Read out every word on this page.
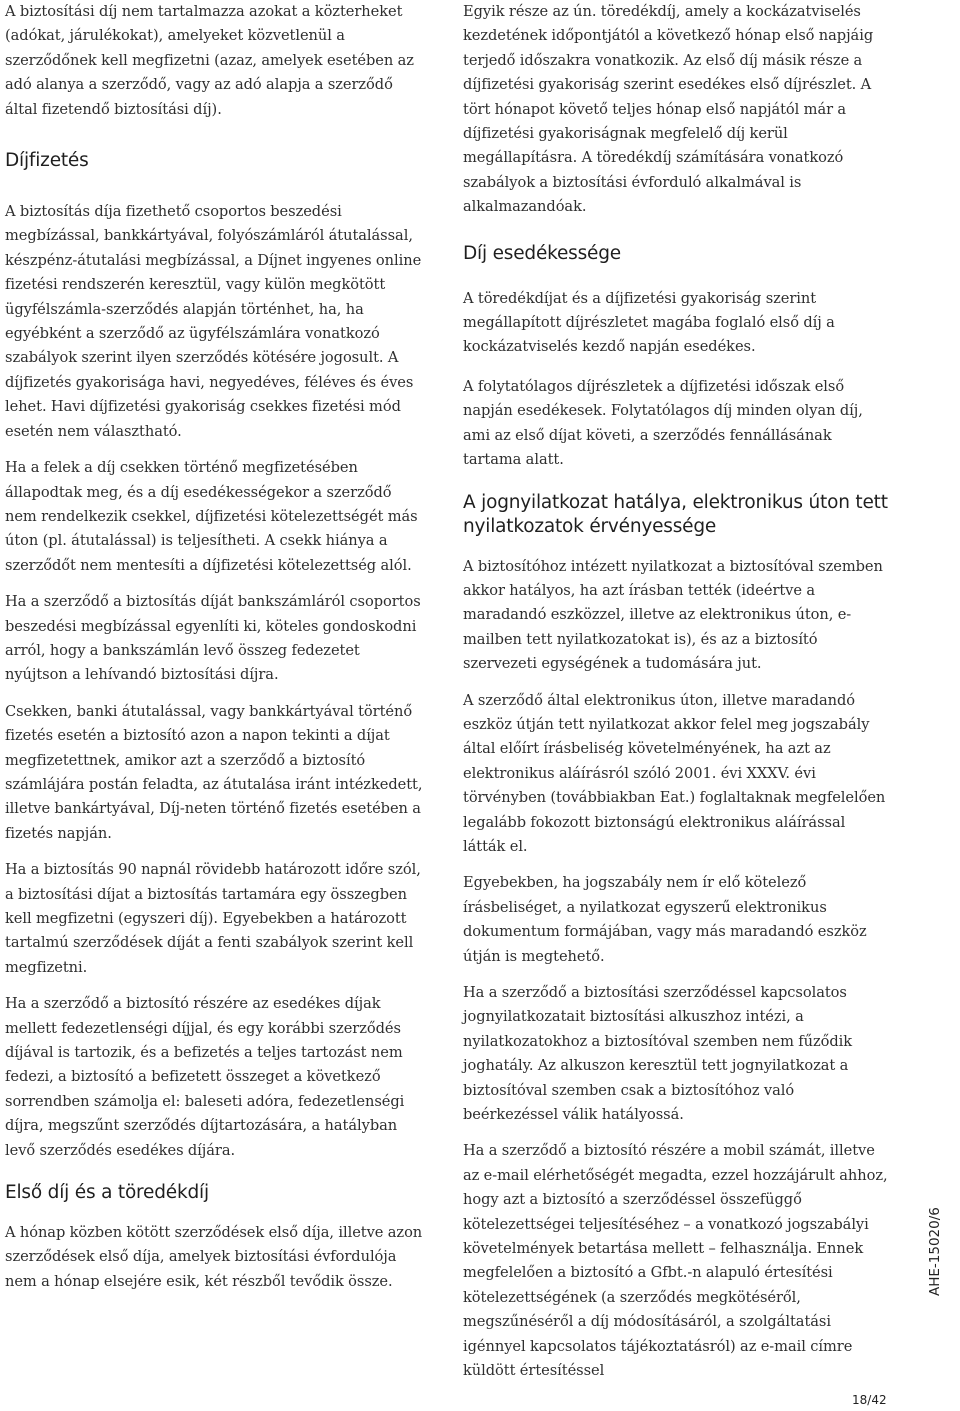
A biztosítási díj nem tartalmazza azokat a közterheket (adókat, járulékokat), amelyeket közvetlenül a szerződőnek kell megfizetni (azaz, amelyek esetében az adó alanya a szerződő, vagy az adó alapja a szerződő által fizetendő biztosítási díj).

Díjfizetés

A biztosítás díja fizethető csoportos beszedési megbízással, bankkártyával, folyószámláról átutalással, készpénz-átutalási megbízással, a Díjnet ingyenes online fizetési rendszerén keresztül, vagy külön megkötött ügyfélszámla-szerződés alapján történhet, ha, ha egyébként a szerződő az ügyfélszámlára vonatkozó szabályok szerint ilyen szerződés kötésére jogosult. A díjfizetés gyakorisága havi, negyedéves, féléves és éves lehet. Havi díjfizetési gyakoriság csekkes fizetési mód esetén nem választható.

Ha a felek a díj csekken történő megfizetésében állapodtak meg, és a díj esedékességekor a szerződő nem rendelkezik csekkel, díjfizetési kötelezettségét más úton (pl. átutalással) is teljesítheti. A csekk hiánya a szerződőt nem mentesíti a díjfizetési kötelezettség alól.

Ha a szerződő a biztosítás díját bankszámláról csoportos beszedési megbízással egyenlíti ki, köteles gondoskodni arról, hogy a bankszámlán levő összeg fedezetet nyújtson a lehívandó biztosítási díjra.

Csekken, banki átutalással, vagy bankkártyával történő fizetés esetén a biztosító azon a napon tekinti a díjat megfizetettnek, amikor azt a szerződő a biztosító számlájára postán feladta, az átutalása iránt intézkedett, illetve bankártyával, Díj-neten történő fizetés esetében a fizetés napján.

Ha a biztosítás 90 napnál rövidebb határozott időre szól, a biztosítási díjat a biztosítás tartamára egy összegben kell megfizetni (egyszeri díj). Egyebekben a határozott tartalmú szerződések díját a fenti szabályok szerint kell megfizetni.

Ha a szerződő a biztosító részére az esedékes díjak mellett fedezetlenségi díjjal, és egy korábbi szerződés díjával is tartozik, és a befizetés a teljes tartozást nem fedezi, a biztosító a befizetett összeget a következő sorrendben számolja el: baleseti adóra, fedezetlenségi díjra, megszűnt szerződés díjtartozására, a hatályban levő szerződés esedékes díjára.

Első díj és a töredékdíj

A hónap közben kötött szerződések első díja, illetve azon szerződések első díja, amelyek biztosítási évfordulója nem a hónap elsejére esik, két részből tevődik össze.

Egyik része az ún. töredékdíj, amely a kockázatviselés kezdetének időpontjától a következő hónap első napjáig terjedő időszakra vonatkozik. Az első díj másik része a díjfizetési gyakoriság szerint esedékes első díjrészlet. A tört hónapot követő teljes hónap első napjától már a díjfizetési gyakoriságnak megfelelő díj kerül megállapításra. A töredékdíj számítására vonatkozó szabályok a biztosítási évforduló alkalmával is alkalmazandóak.

Díj esedékessége

A töredékdíjat és a díjfizetési gyakoriság szerint megállapított díjrészletet magába foglaló első díj a kockázatviselés kezdő napján esedékes.

A folytatólagos díjrészletek a díjfizetési időszak első napján esedékesek. Folytatólagos díj minden olyan díj, ami az első díjat követi, a szerződés fennállásának tartama alatt.

A jognyilatkozat hatálya, elektronikus úton tett nyilatkozatok érvényessége

A biztosítóhoz intézett nyilatkozat a biztosítóval szemben akkor hatályos, ha azt írásban tették (ideértve a maradandó eszközzel, illetve az elektronikus úton, e-mailben tett nyilatkozatokat is), és az a biztosító szervezeti egységének a tudomására jut.

A szerződő által elektronikus úton, illetve maradandó eszköz útján tett nyilatkozat akkor felel meg jogszabály által előírt írásbeliség követelményének, ha azt az elektronikus aláírásról szóló 2001. évi XXXV. évi törvényben (továbbiakban Eat.) foglaltaknak megfelelően legalább fokozott biztonságú elektronikus aláírással látták el.

Egyebekben, ha jogszabály nem ír elő kötelező írásbeliséget, a nyilatkozat egyszerű elektronikus dokumentum formájában, vagy más maradandó eszköz útján is megtehető.

Ha a szerződő a biztosítási szerződéssel kapcsolatos jognyilatkozatait biztosítási alkuszhoz intézi, a nyilatkozatokhoz a biztosítóval szemben nem fűződik joghatály. Az alkuszon keresztül tett jognyilatkozat a biztosítóval szemben csak a biztosítóhoz való beérkezéssel válik hatályossá.

Ha a szerződő a biztosító részére a mobil számát, illetve az e-mail elérhetőségét megadta, ezzel hozzájárult ahhoz, hogy azt a biztosító a szerződéssel összefüggő kötelezettségei teljesítéséhez – a vonatkozó jogszabályi követelmények betartása mellett – felhasználja. Ennek megfelelően a biztosító a Gfbt.-n alapuló értesítési kötelezettségének (a szerződés megkötéséről, megszűnéséről a díj módosításáról, a szolgáltatási igénnyel kapcsolatos tájékoztatásról) az e-mail címre küldött értesítéssel

AHE-15020/6
18/42
